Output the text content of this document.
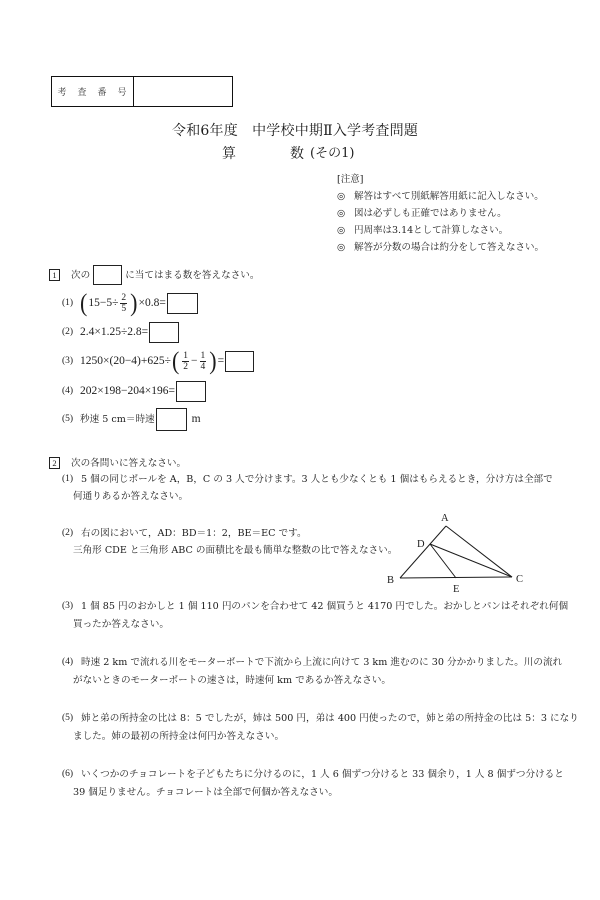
考　査　番　号
令和6年度　中学校中期Ⅱ入学考査問題
算	数 (その1)
[注意]
◎ 解答はすべて別紙解答用紙に記入しなさい。
◎ 図は必ずしも正確ではありません。
◎ 円周率は3.14として計算しなさい。
◎ 解答が分数の場合は約分をして答えなさい。
1	次の	に当てはまる数を答えなさい。
(1) ( $15-5\div \frac{2}{5}$ ) ×0.8=
(2) 2.4×1.25÷2.8=
(3) 1250×(20−4)+625÷ ( $\frac{1}{2} - \frac{1}{4}$ ) =
(4) 202×198−204×196=
(5) 秒速 5 cm＝時速	m
2	次の各問いに答えなさい。
(1) 5 個の同じボールを A，B，C の 3 人で分けます。3 人とも少なくとも 1 個はもらえるとき，分け方は全部で
何通りあるか答えなさい。
(2) 右の図において，AD：BD＝1：2，BE＝EC です。
三角形 CDE と三角形 ABC の面積比を最も簡単な整数の比で答えなさい。
A
D
B
E
C
(3) 1 個 85 円のおかしと 1 個 110 円のパンを合わせて 42 個買うと 4170 円でした。おかしとパンはそれぞれ何個
買ったか答えなさい。
(4) 時速 2 km で流れる川をモーターボートで下流から上流に向けて 3 km 進むのに 30 分かかりました。川の流れ
がないときのモーターボートの速さは，時速何 km であるか答えなさい。
(5) 姉と弟の所持金の比は 8：5 でしたが，姉は 500 円，弟は 400 円使ったので，姉と弟の所持金の比は 5：3 になり
ました。姉の最初の所持金は何円か答えなさい。
(6) いくつかのチョコレートを子どもたちに分けるのに，1 人 6 個ずつ分けると 33 個余り，1 人 8 個ずつ分けると
39 個足りません。チョコレートは全部で何個か答えなさい。
